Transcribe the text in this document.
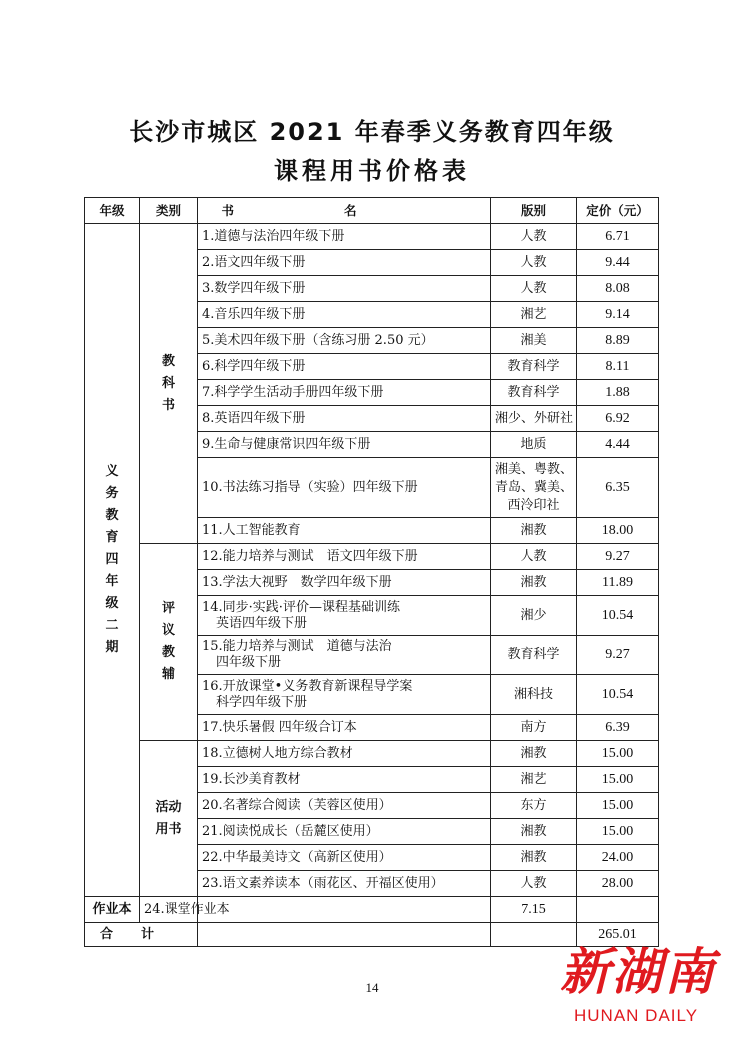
长沙市城区 2021 年春季义务教育四年级
课程用书价格表
年级	类别	书名	版别	定价（元）

义务教育四年级二期	教科书	1.道德与法治四年级下册	人教	6.71
		2.语文四年级下册	人教	9.44
		3.数学四年级下册	人教	8.08
		4.音乐四年级下册	湘艺	9.14
		5.美术四年级下册（含练习册 2.50 元）	湘美	8.89
		6.科学四年级下册	教育科学	8.11
		7.科学学生活动手册四年级下册	教育科学	1.88
		8.英语四年级下册	湘少、外研社	6.92
		9.生命与健康常识四年级下册	地质	4.44
		10.书法练习指导（实验）四年级下册	湘美、粤教、
青岛、冀美、
西泠印社	6.35
		11.人工智能教育	湘教	18.00

	评议教辅	12.能力培养与测试　语文四年级下册	人教	9.27
		13.学法大视野　数学四年级下册	湘教	11.89

		14.同步·实践·评价—课程基础训练
英语四年级下册	湘少	10.54

		15.能力培养与测试　道德与法治
四年级下册	教育科学	9.27

		16.开放课堂•义务教育新课程导学案
科学四年级下册	湘科技	10.54
		17.快乐暑假 四年级合订本	南方	6.39

	活动用书	18.立德树人地方综合教材	湘教	15.00
		19.长沙美育教材	湘艺	15.00
		20.名著综合阅读（芙蓉区使用）	东方	15.00
		21.阅读悦成长（岳麓区使用）	湘教	15.00
		22.中华最美诗文（高新区使用）	湘教	24.00
		23.语文素养读本（雨花区、开福区使用）	人教	28.00
作业本	24.课堂作业本		7.15	
合计				265.01
14	新湖南
HUNAN DAILY
